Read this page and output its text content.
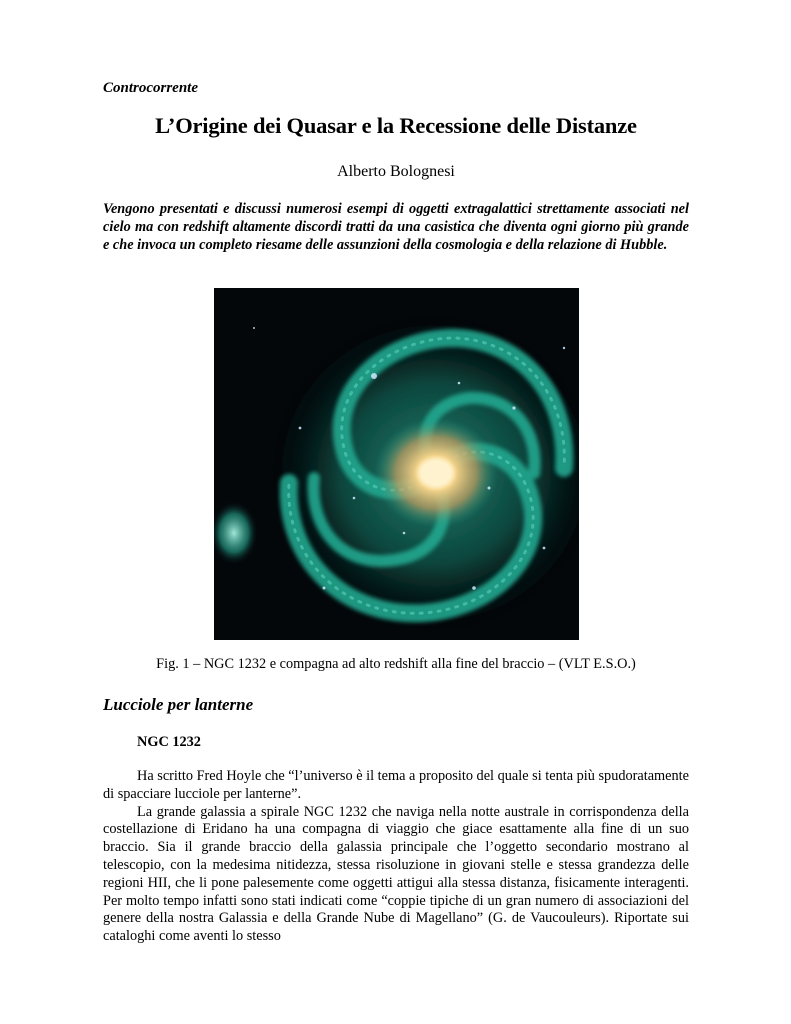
Controcorrente
L’Origine dei Quasar e la Recessione delle Distanze
Alberto Bolognesi
Vengono presentati e discussi numerosi esempi di oggetti extragalattici strettamente associati nel cielo ma con redshift altamente discordi tratti da una casistica che diventa ogni giorno più grande e che invoca un completo riesame delle assunzioni della cosmologia e della relazione di Hubble.
Fig. 1 – NGC 1232 e compagna ad alto redshift alla fine del braccio – (VLT E.S.O.)
Lucciole per lanterne
NGC 1232

Ha scritto Fred Hoyle che “l’universo è il tema a proposito del quale si tenta più spudoratamente di spacciare lucciole per lanterne”.

La grande galassia a spirale NGC 1232 che naviga nella notte australe in corrispondenza della costellazione di Eridano ha una compagna di viaggio che giace esattamente alla fine di un suo braccio. Sia il grande braccio della galassia principale che l’oggetto secondario mostrano al telescopio, con la medesima nitidezza, stessa risoluzione in giovani stelle e stessa grandezza delle regioni HII, che li pone palesemente come oggetti attigui alla stessa distanza, fisicamente interagenti. Per molto tempo infatti sono stati indicati come “coppie tipiche di un gran numero di associazioni del genere della nostra Galassia e della Grande Nube di Magellano” (G. de Vaucouleurs). Riportate sui cataloghi come aventi lo stesso
